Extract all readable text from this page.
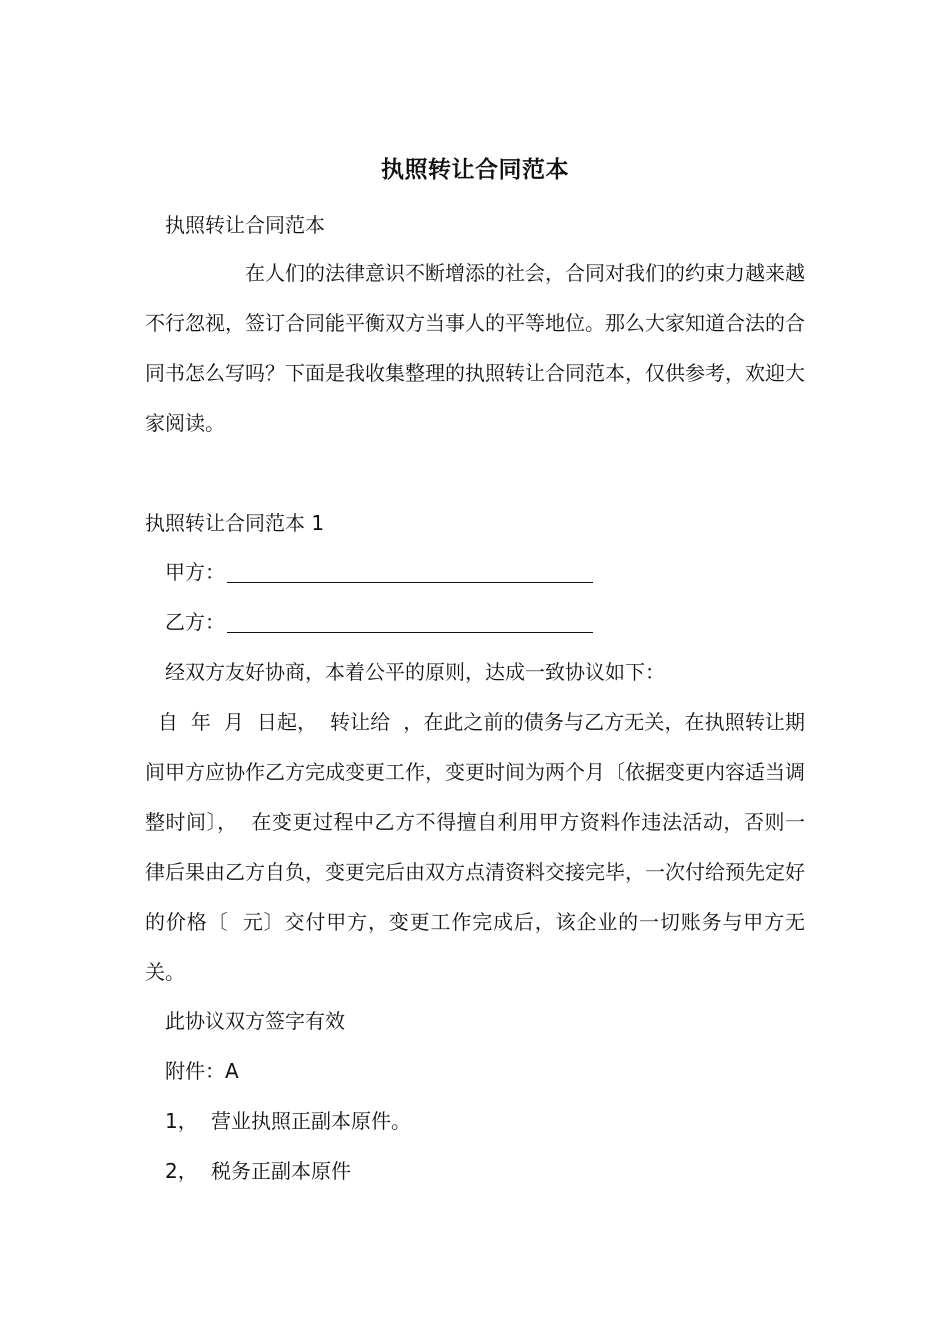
执照转让合同范本
执照转让合同范本
在人们的法律意识不断增添的社会，合同对我们的约束力越来越不行忽视，签订合同能平衡双方当事人的平等地位。那么大家知道合法的合同书怎么写吗？下面是我收集整理的执照转让合同范本，仅供参考，欢迎大家阅读。
执照转让合同范本 1
甲方：
乙方：
经双方友好协商，本着公平的原则，达成一致协议如下：
自  年  月  日起，  转让给  ，在此之前的债务与乙方无关，在执照转让期间甲方应协作乙方完成变更工作，变更时间为两个月〔依据变更内容适当调整时间〕，  在变更过程中乙方不得擅自利用甲方资料作违法活动，否则一律后果由乙方自负，变更完后由双方点清资料交接完毕，一次付给预先定好的价格〔  元〕交付甲方，变更工作完成后，该企业的一切账务与甲方无关。
此协议双方签字有效
附件：A
1， 营业执照正副本原件。
2， 税务正副本原件
